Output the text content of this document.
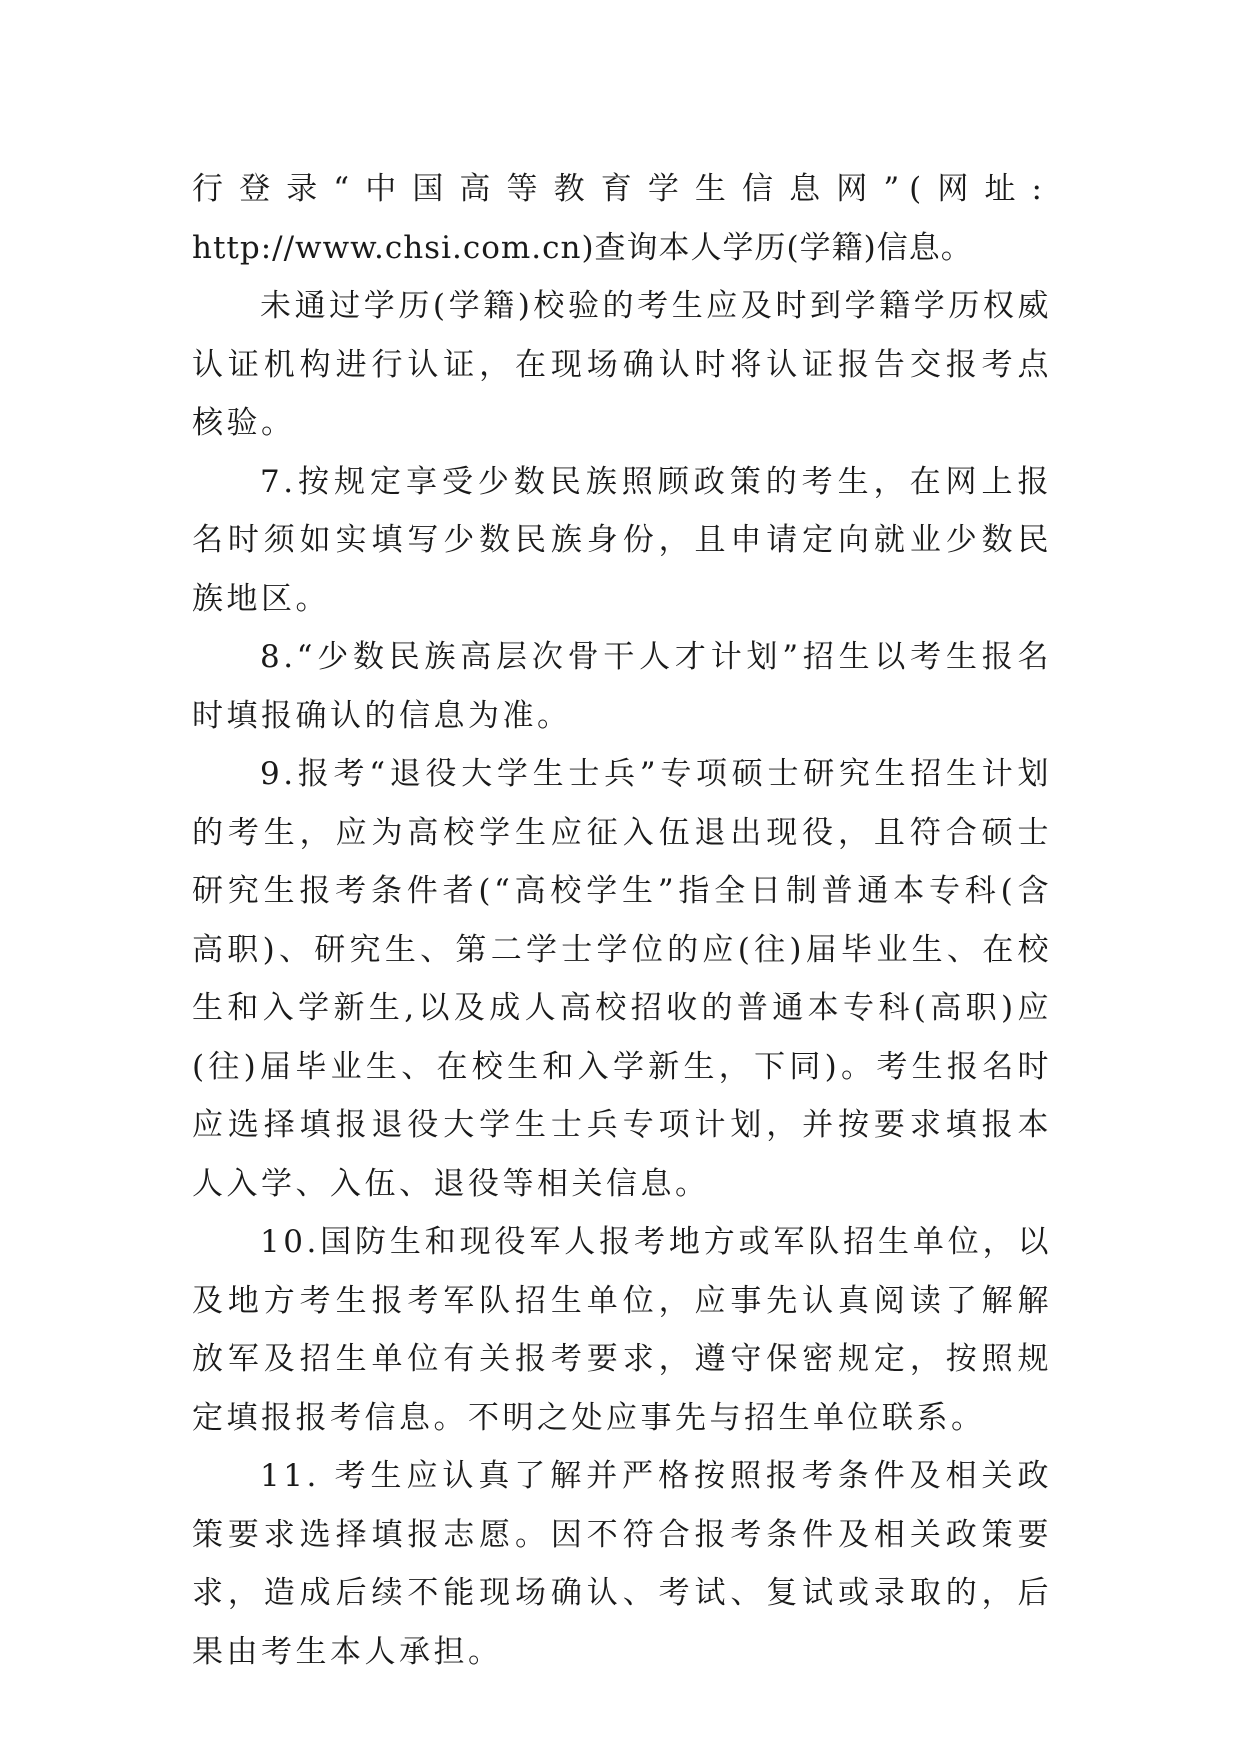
行登录“中国高等教育学生信息网”(网址:

http://www.chsi.com.cn)查询本人学历(学籍)信息。

未通过学历(学籍)校验的考生应及时到学籍学历权威认证机构进行认证，在现场确认时将认证报告交报考点核验。

7.按规定享受少数民族照顾政策的考生，在网上报名时须如实填写少数民族身份，且申请定向就业少数民族地区。

8.“少数民族高层次骨干人才计划”招生以考生报名时填报确认的信息为准。

9.报考“退役大学生士兵”专项硕士研究生招生计划的考生，应为高校学生应征入伍退出现役，且符合硕士研究生报考条件者(“高校学生”指全日制普通本专科(含高职)、研究生、第二学士学位的应(往)届毕业生、在校生和入学新生,以及成人高校招收的普通本专科(高职)应(往)届毕业生、在校生和入学新生，下同)。考生报名时应选择填报退役大学生士兵专项计划，并按要求填报本人入学、入伍、退役等相关信息。

10.国防生和现役军人报考地方或军队招生单位，以及地方考生报考军队招生单位，应事先认真阅读了解解放军及招生单位有关报考要求，遵守保密规定，按照规定填报报考信息。不明之处应事先与招生单位联系。

11. 考生应认真了解并严格按照报考条件及相关政策要求选择填报志愿。因不符合报考条件及相关政策要求，造成后续不能现场确认、考试、复试或录取的，后果由考生本人承担。
